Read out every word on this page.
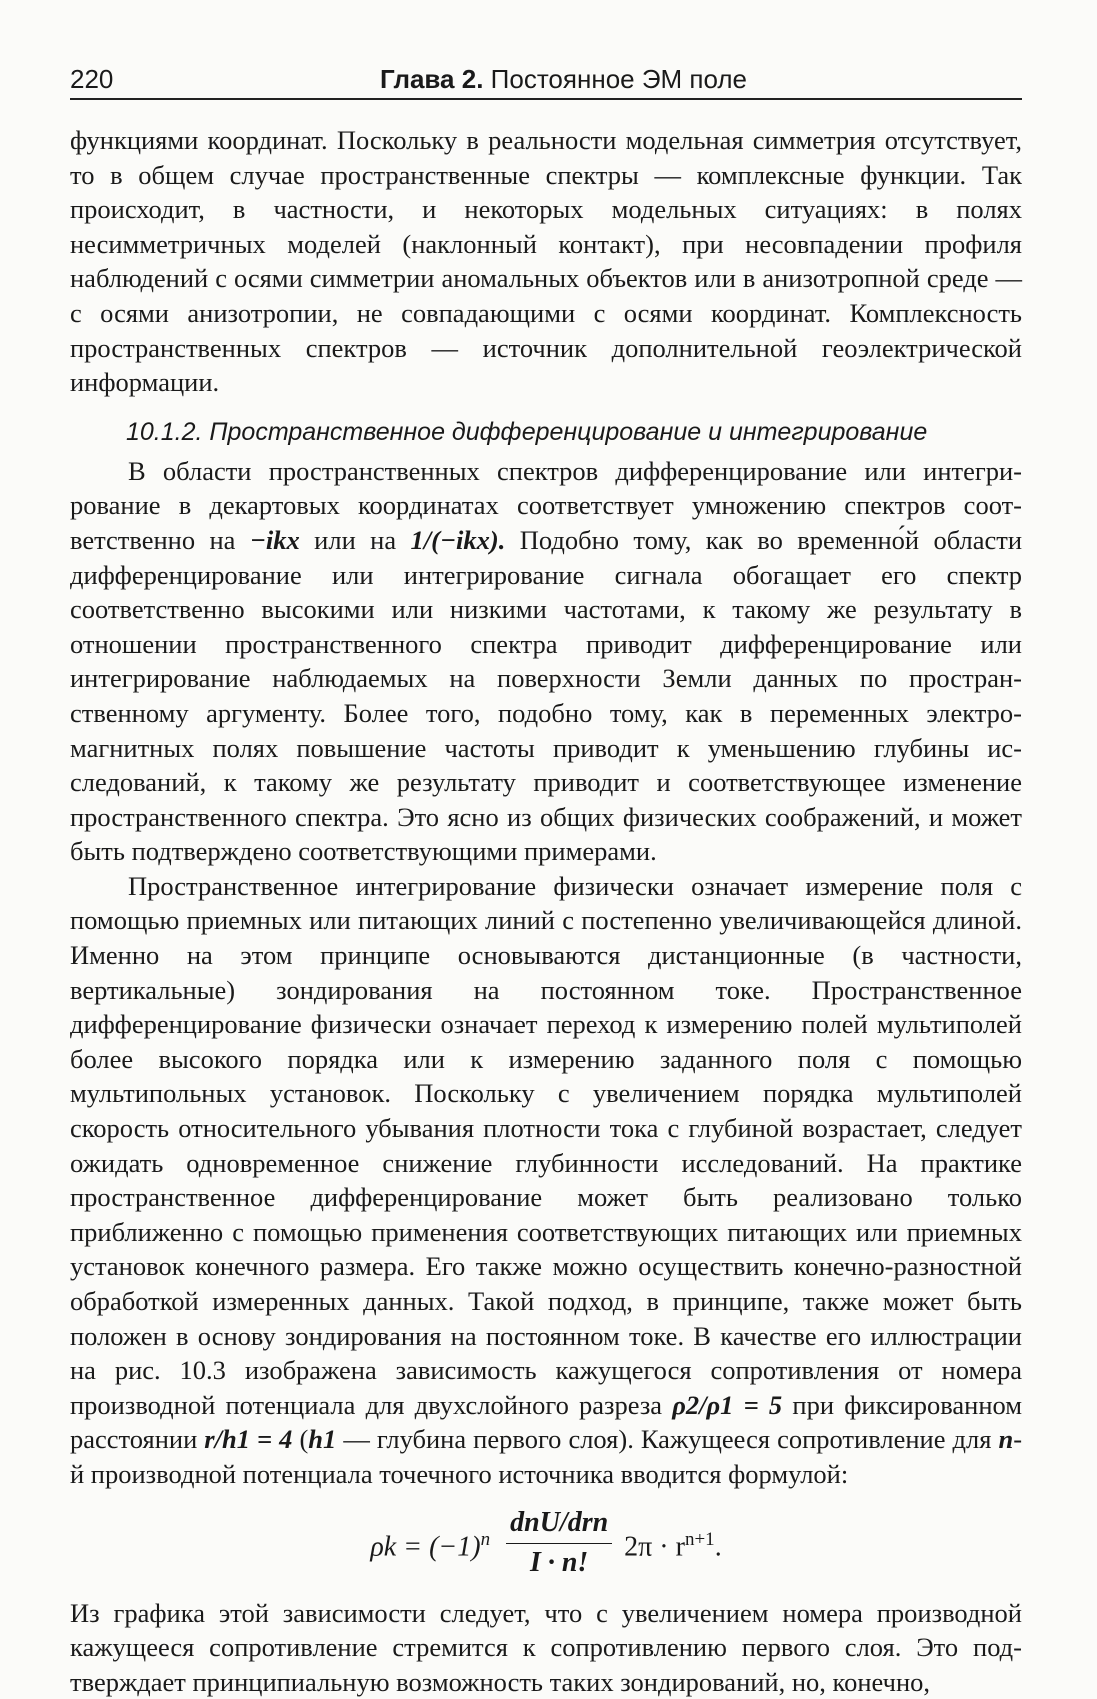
220	Глава 2. Постоянное ЭМ поле

функциями координат. Поскольку в реальности модельная симметрия отсутствует, то в общем случае пространственные спектры — комплексные функции. Так происходит, в частности, и некоторых модельных ситуациях: в полях несимметричных моделей (наклонный контакт), при несовпадении профиля наблюдений с осями симметрии аномальных объектов или в анизотропной среде — с осями анизотропии, не совпадающими с осями координат. Комплексность пространственных спектров — источник дополнительной геоэлектрической информации.

10.1.2. Пространственное дифференцирование и интегрирование

В области пространственных спектров дифференцирование или интегрирование в декартовых координатах соответствует умножению спектров соответственно на −ikx или на 1/(−ikx). Подобно тому, как во временно́й области дифференцирование или интегрирование сигнала обогащает его спектр соответственно высокими или низкими частотами, к такому же результату в отношении пространственного спектра приводит дифференцирование или интегрирование наблюдаемых на поверхности Земли данных по пространственному аргументу. Более того, подобно тому, как в переменных электромагнитных полях повышение частоты приводит к уменьшению глубины исследований, к такому же результату приводит и соответствующее изменение пространственного спектра. Это ясно из общих физических соображений, и может быть подтверждено соответствующими примерами.

Пространственное интегрирование физически означает измерение поля с помощью приемных или питающих линий с постепенно увеличивающейся длиной. Именно на этом принципе основываются дистанционные (в частности, вертикальные) зондирования на постоянном токе. Пространственное дифференцирование физически означает переход к измерению полей мультиполей более высокого порядка или к измерению заданного поля с помощью мультипольных установок. Поскольку с увеличением порядка мультиполей скорость относительного убывания плотности тока с глубиной возрастает, следует ожидать одновременное снижение глубинности исследований. На практике пространственное дифференцирование может быть реализовано только приближенно с помощью применения соответствующих питающих или приемных установок конечного размера. Его также можно осуществить конечно-разностной обработкой измеренных данных. Такой подход, в принципе, также может быть положен в основу зондирования на постоянном токе. В качестве его иллюстрации на рис. 10.3 изображена зависимость кажущегося сопротивления от номера производной потенциала для двухслойного разреза ρ2/ρ1 = 5 при фиксированном расстоянии r/h1 = 4 (h1 — глубина первого слоя). Кажущееся сопротивление для n-й производной потенциала точечного источника вводится формулой:

$\rho k = (-1)^n \frac{\text{dnU/drn}}{I \cdot n!} 2\pi \cdot r^{n+1}$.

Из графика этой зависимости следует, что с увеличением номера производной кажущееся сопротивление стремится к сопротивлению первого слоя. Это подтверждает принципиальную возможность таких зондирований, но, конечно,
